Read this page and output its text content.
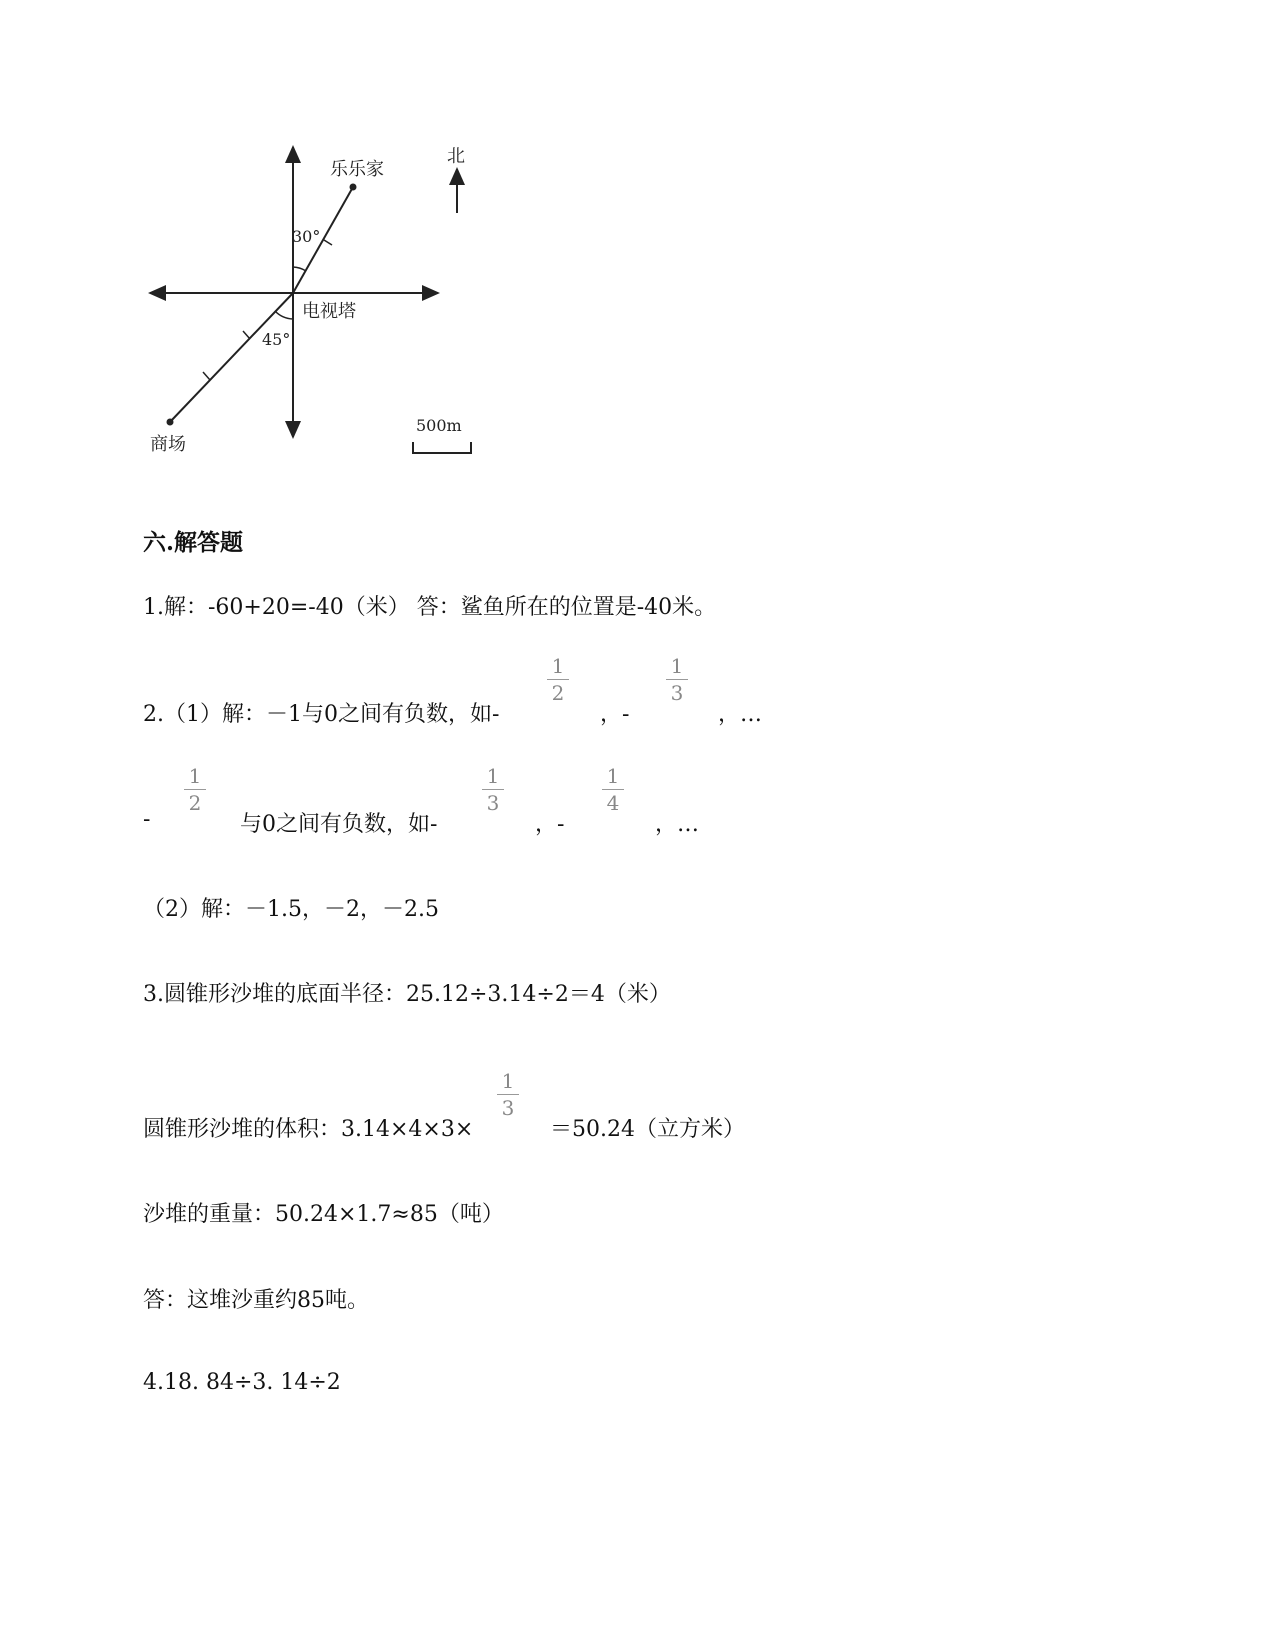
乐乐家
北
30°
电视塔
45°
商场
500m
六.解答题
1.解：-60+20=-40（米） 答：鲨鱼所在的位置是-40米。
2.（1）解：－1与0之间有负数，如-
1
2
，-
1
3
，…
-
1
2
与0之间有负数，如-
1
3
，-
1
4
，…
（2）解：－1.5，－2，－2.5
3.圆锥形沙堆的底面半径：25.12÷3.14÷2＝4（米）
圆锥形沙堆的体积：3.14×4×3×
1
3
＝50.24（立方米）
沙堆的重量：50.24×1.7≈85（吨）
答：这堆沙重约85吨。
4.18. 84÷3. 14÷2
